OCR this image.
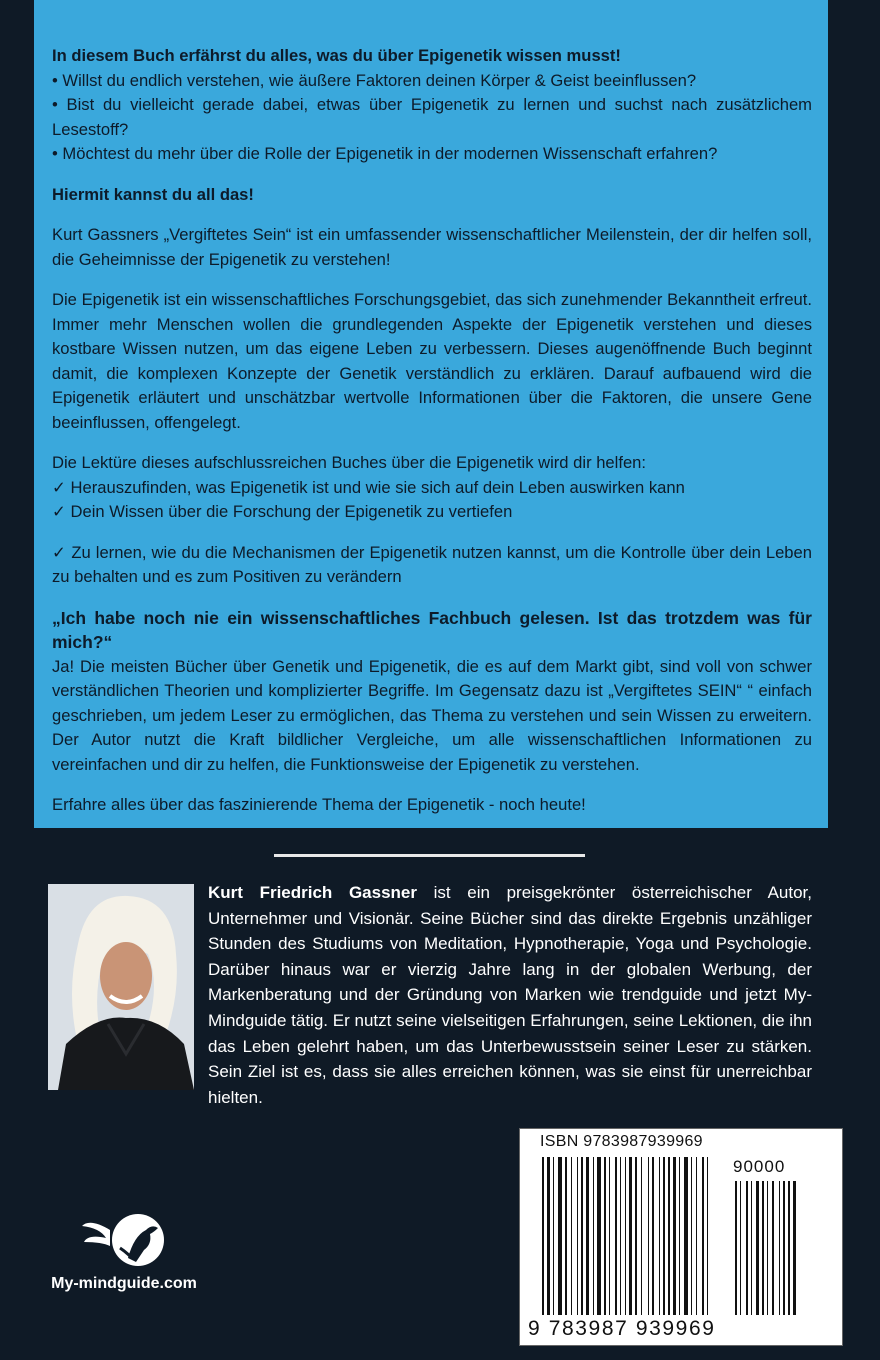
In diesem Buch erfährst du alles, was du über Epigenetik wissen musst!

• Willst du endlich verstehen, wie äußere Faktoren deinen Körper & Geist beeinflussen?
• Bist du vielleicht gerade dabei, etwas über Epigenetik zu lernen und suchst nach zusätzlichem Lesestoff?
• Möchtest du mehr über die Rolle der Epigenetik in der modernen Wissenschaft erfahren?

Hiermit kannst du all das!

Kurt Gassners „Vergiftetes Sein“ ist ein umfassender wissenschaftlicher Meilenstein, der dir helfen soll, die Geheimnisse der Epigenetik zu verstehen!

Die Epigenetik ist ein wissenschaftliches Forschungsgebiet, das sich zunehmender Bekanntheit erfreut. Immer mehr Menschen wollen die grundlegenden Aspekte der Epigenetik verstehen und dieses kostbare Wissen nutzen, um das eigene Leben zu verbessern. Dieses augenöffnende Buch beginnt damit, die komplexen Konzepte der Genetik verständlich zu erklären. Darauf aufbauend wird die Epigenetik erläutert und unschätzbar wertvolle Informationen über die Faktoren, die unsere Gene beeinflussen, offengelegt.

Die Lektüre dieses aufschlussreichen Buches über die Epigenetik wird dir helfen:
✓ Herauszufinden, was Epigenetik ist und wie sie sich auf dein Leben auswirken kann
✓ Dein Wissen über die Forschung der Epigenetik zu vertiefen

✓ Zu lernen, wie du die Mechanismen der Epigenetik nutzen kannst, um die Kontrolle über dein Leben zu behalten und es zum Positiven zu verändern

„Ich habe noch nie ein wissenschaftliches Fachbuch gelesen. Ist das trotzdem was für mich?“

Ja! Die meisten Bücher über Genetik und Epigenetik, die es auf dem Markt gibt, sind voll von schwer verständlichen Theorien und komplizierter Begriffe. Im Gegensatz dazu ist „Vergiftetes SEIN“ “ einfach geschrieben, um jedem Leser zu ermöglichen, das Thema zu verstehen und sein Wissen zu erweitern. Der Autor nutzt die Kraft bildlicher Vergleiche, um alle wissenschaftlichen Informationen zu vereinfachen und dir zu helfen, die Funktionsweise der Epigenetik zu verstehen.

Erfahre alles über das faszinierende Thema der Epigenetik - noch heute!

Kurt Friedrich Gassner ist ein preisgekrönter österreichischer Autor, Unternehmer und Visionär. Seine Bücher sind das direkte Ergebnis unzähliger Stunden des Studiums von Meditation, Hypnotherapie, Yoga und Psychologie. Darüber hinaus war er vierzig Jahre lang in der globalen Werbung, der Markenberatung und der Gründung von Marken wie trendguide und jetzt My-Mindguide tätig. Er nutzt seine vielseitigen Erfahrungen, seine Lektionen, die ihn das Leben gelehrt haben, um das Unterbewusstsein seiner Leser zu stärken. Sein Ziel ist es, dass sie alles erreichen können, was sie einst für unerreichbar hielten.
ISBN 9783987939969
90000
9 783987 939969
My-mindguide.com
